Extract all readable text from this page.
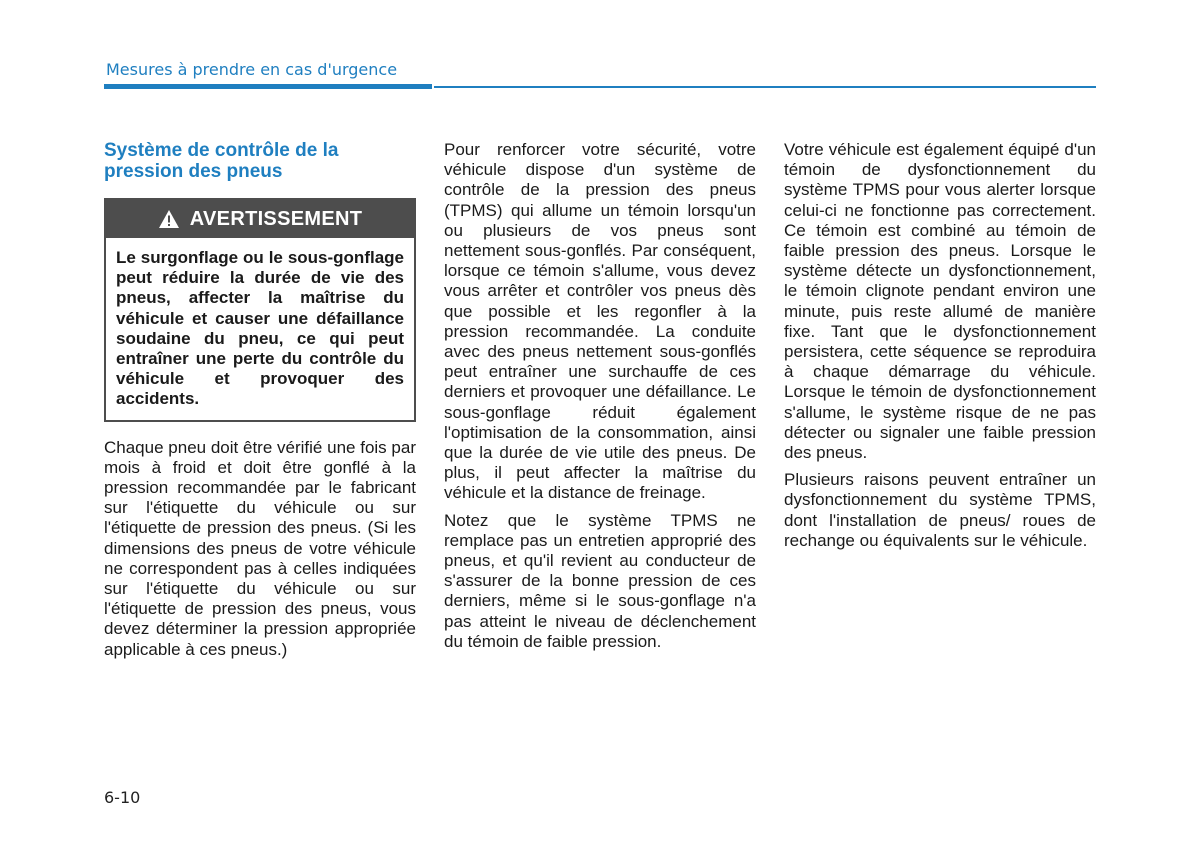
Mesures à prendre en cas d'urgence
Système de contrôle de la pression des pneus
AVERTISSEMENT
Le surgonflage ou le sous-gonflage peut réduire la durée de vie des pneus, affecter la maîtrise du véhicule et causer une défaillance soudaine du pneu, ce qui peut entraîner une perte du contrôle du véhicule et provoquer des accidents.

Chaque pneu doit être vérifié une fois par mois à froid et doit être gonflé à la pression recommandée par le fabricant sur l'étiquette du véhicule ou sur l'étiquette de pression des pneus. (Si les dimensions des pneus de votre véhicule ne correspondent pas à celles indiquées sur l'étiquette du véhicule ou sur l'étiquette de pression des pneus, vous devez déterminer la pression appropriée applicable à ces pneus.)

Pour renforcer votre sécurité, votre véhicule dispose d'un système de contrôle de la pression des pneus (TPMS) qui allume un témoin lorsqu'un ou plusieurs de vos pneus sont nettement sous-gonflés. Par conséquent, lorsque ce témoin s'allume, vous devez vous arrêter et contrôler vos pneus dès que possible et les regonfler à la pression recommandée. La conduite avec des pneus nettement sous-gonflés peut entraîner une surchauffe de ces derniers et provoquer une défaillance. Le sous-gonflage réduit également l'optimisation de la consommation, ainsi que la durée de vie utile des pneus. De plus, il peut affecter la maîtrise du véhicule et la distance de freinage.

Notez que le système TPMS ne remplace pas un entretien approprié des pneus, et qu'il revient au conducteur de s'assurer de la bonne pression de ces derniers, même si le sous-gonflage n'a pas atteint le niveau de déclenchement du témoin de faible pression.

Votre véhicule est également équipé d'un témoin de dysfonctionnement du système TPMS pour vous alerter lorsque celui-ci ne fonctionne pas correctement. Ce témoin est combiné au témoin de faible pression des pneus. Lorsque le système détecte un dysfonctionnement, le témoin clignote pendant environ une minute, puis reste allumé de manière fixe. Tant que le dysfonctionnement persistera, cette séquence se reproduira à chaque démarrage du véhicule. Lorsque le témoin de dysfonctionnement s'allume, le système risque de ne pas détecter ou signaler une faible pression des pneus.

Plusieurs raisons peuvent entraîner un dysfonctionnement du système TPMS, dont l'installation de pneus/ roues de rechange ou équivalents sur le véhicule.

6-10
